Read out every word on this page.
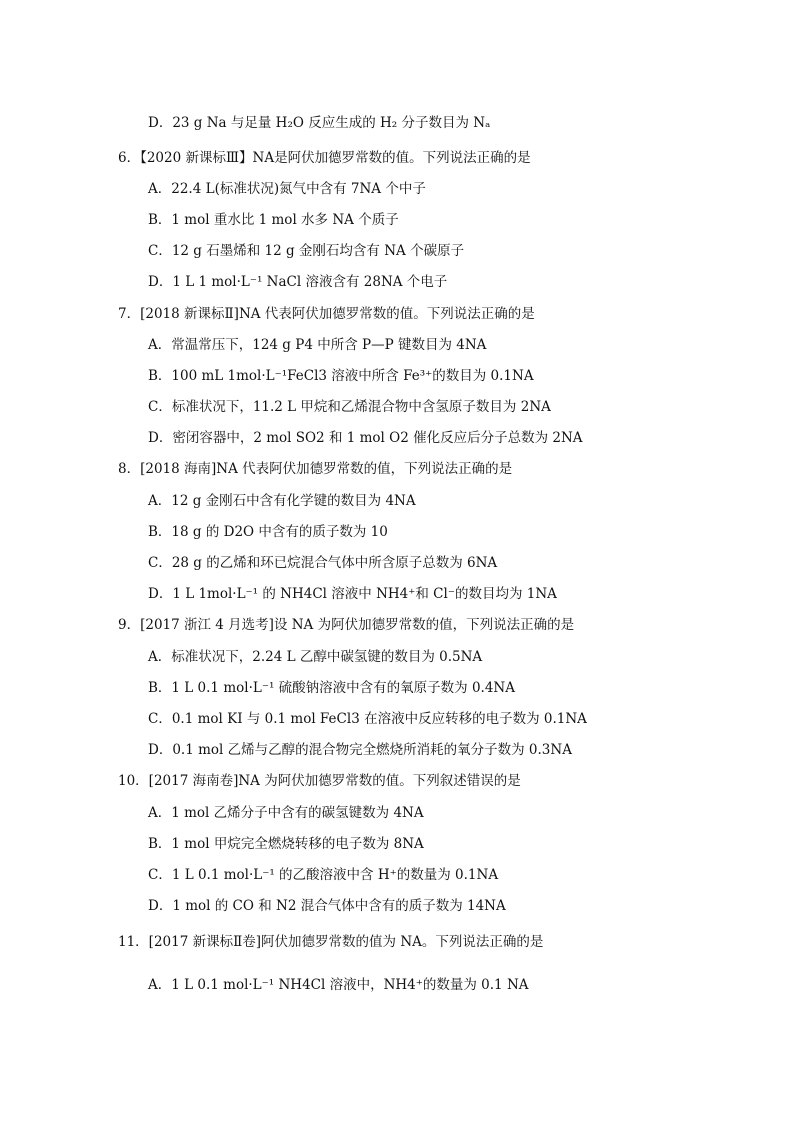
D．23 g Na 与足量 H₂O 反应生成的 H₂ 分子数目为 Nₐ
6．【2020 新课标Ⅲ】NA是阿伏加德罗常数的值。下列说法正确的是
A．22.4 L(标准状况)氮气中含有 7NA 个中子
B．1 mol 重水比 1 mol 水多 NA 个质子
C．12 g 石墨烯和 12 g 金刚石均含有 NA 个碳原子
D．1 L 1 mol·L⁻¹ NaCl 溶液含有 28NA 个电子
7．[2018 新课标Ⅱ]NA 代表阿伏加德罗常数的值。下列说法正确的是
A．常温常压下，124 g P4 中所含 P—P 键数目为 4NA
B．100 mL 1mol·L⁻¹FeCl3 溶液中所含 Fe³⁺的数目为 0.1NA
C．标准状况下，11.2 L 甲烷和乙烯混合物中含氢原子数目为 2NA
D．密闭容器中，2 mol SO2 和 1 mol O2 催化反应后分子总数为 2NA
8．[2018 海南]NA 代表阿伏加德罗常数的值，下列说法正确的是
A．12 g 金刚石中含有化学键的数目为 4NA
B．18 g 的 D2O 中含有的质子数为 10
C．28 g 的乙烯和环已烷混合气体中所含原子总数为 6NA
D．1 L 1mol·L⁻¹ 的 NH4Cl 溶液中 NH4⁺和 Cl⁻的数目均为 1NA
9．[2017 浙江 4 月选考]设 NA 为阿伏加德罗常数的值，下列说法正确的是
A．标准状况下，2.24 L 乙醇中碳氢键的数目为 0.5NA
B．1 L 0.1 mol·L⁻¹ 硫酸钠溶液中含有的氧原子数为 0.4NA
C．0.1 mol KI 与 0.1 mol FeCl3 在溶液中反应转移的电子数为 0.1NA
D．0.1 mol 乙烯与乙醇的混合物完全燃烧所消耗的氧分子数为 0.3NA
10．[2017 海南卷]NA 为阿伏加德罗常数的值。下列叙述错误的是
A．1 mol 乙烯分子中含有的碳氢键数为 4NA
B．1 mol 甲烷完全燃烧转移的电子数为 8NA
C．1 L 0.1 mol·L⁻¹ 的乙酸溶液中含 H⁺的数量为 0.1NA
D．1 mol 的 CO 和 N2 混合气体中含有的质子数为 14NA
11．[2017 新课标Ⅱ卷]阿伏加德罗常数的值为 NA。下列说法正确的是
A．1 L 0.1 mol·L⁻¹ NH4Cl 溶液中，NH4⁺的数量为 0.1 NA
